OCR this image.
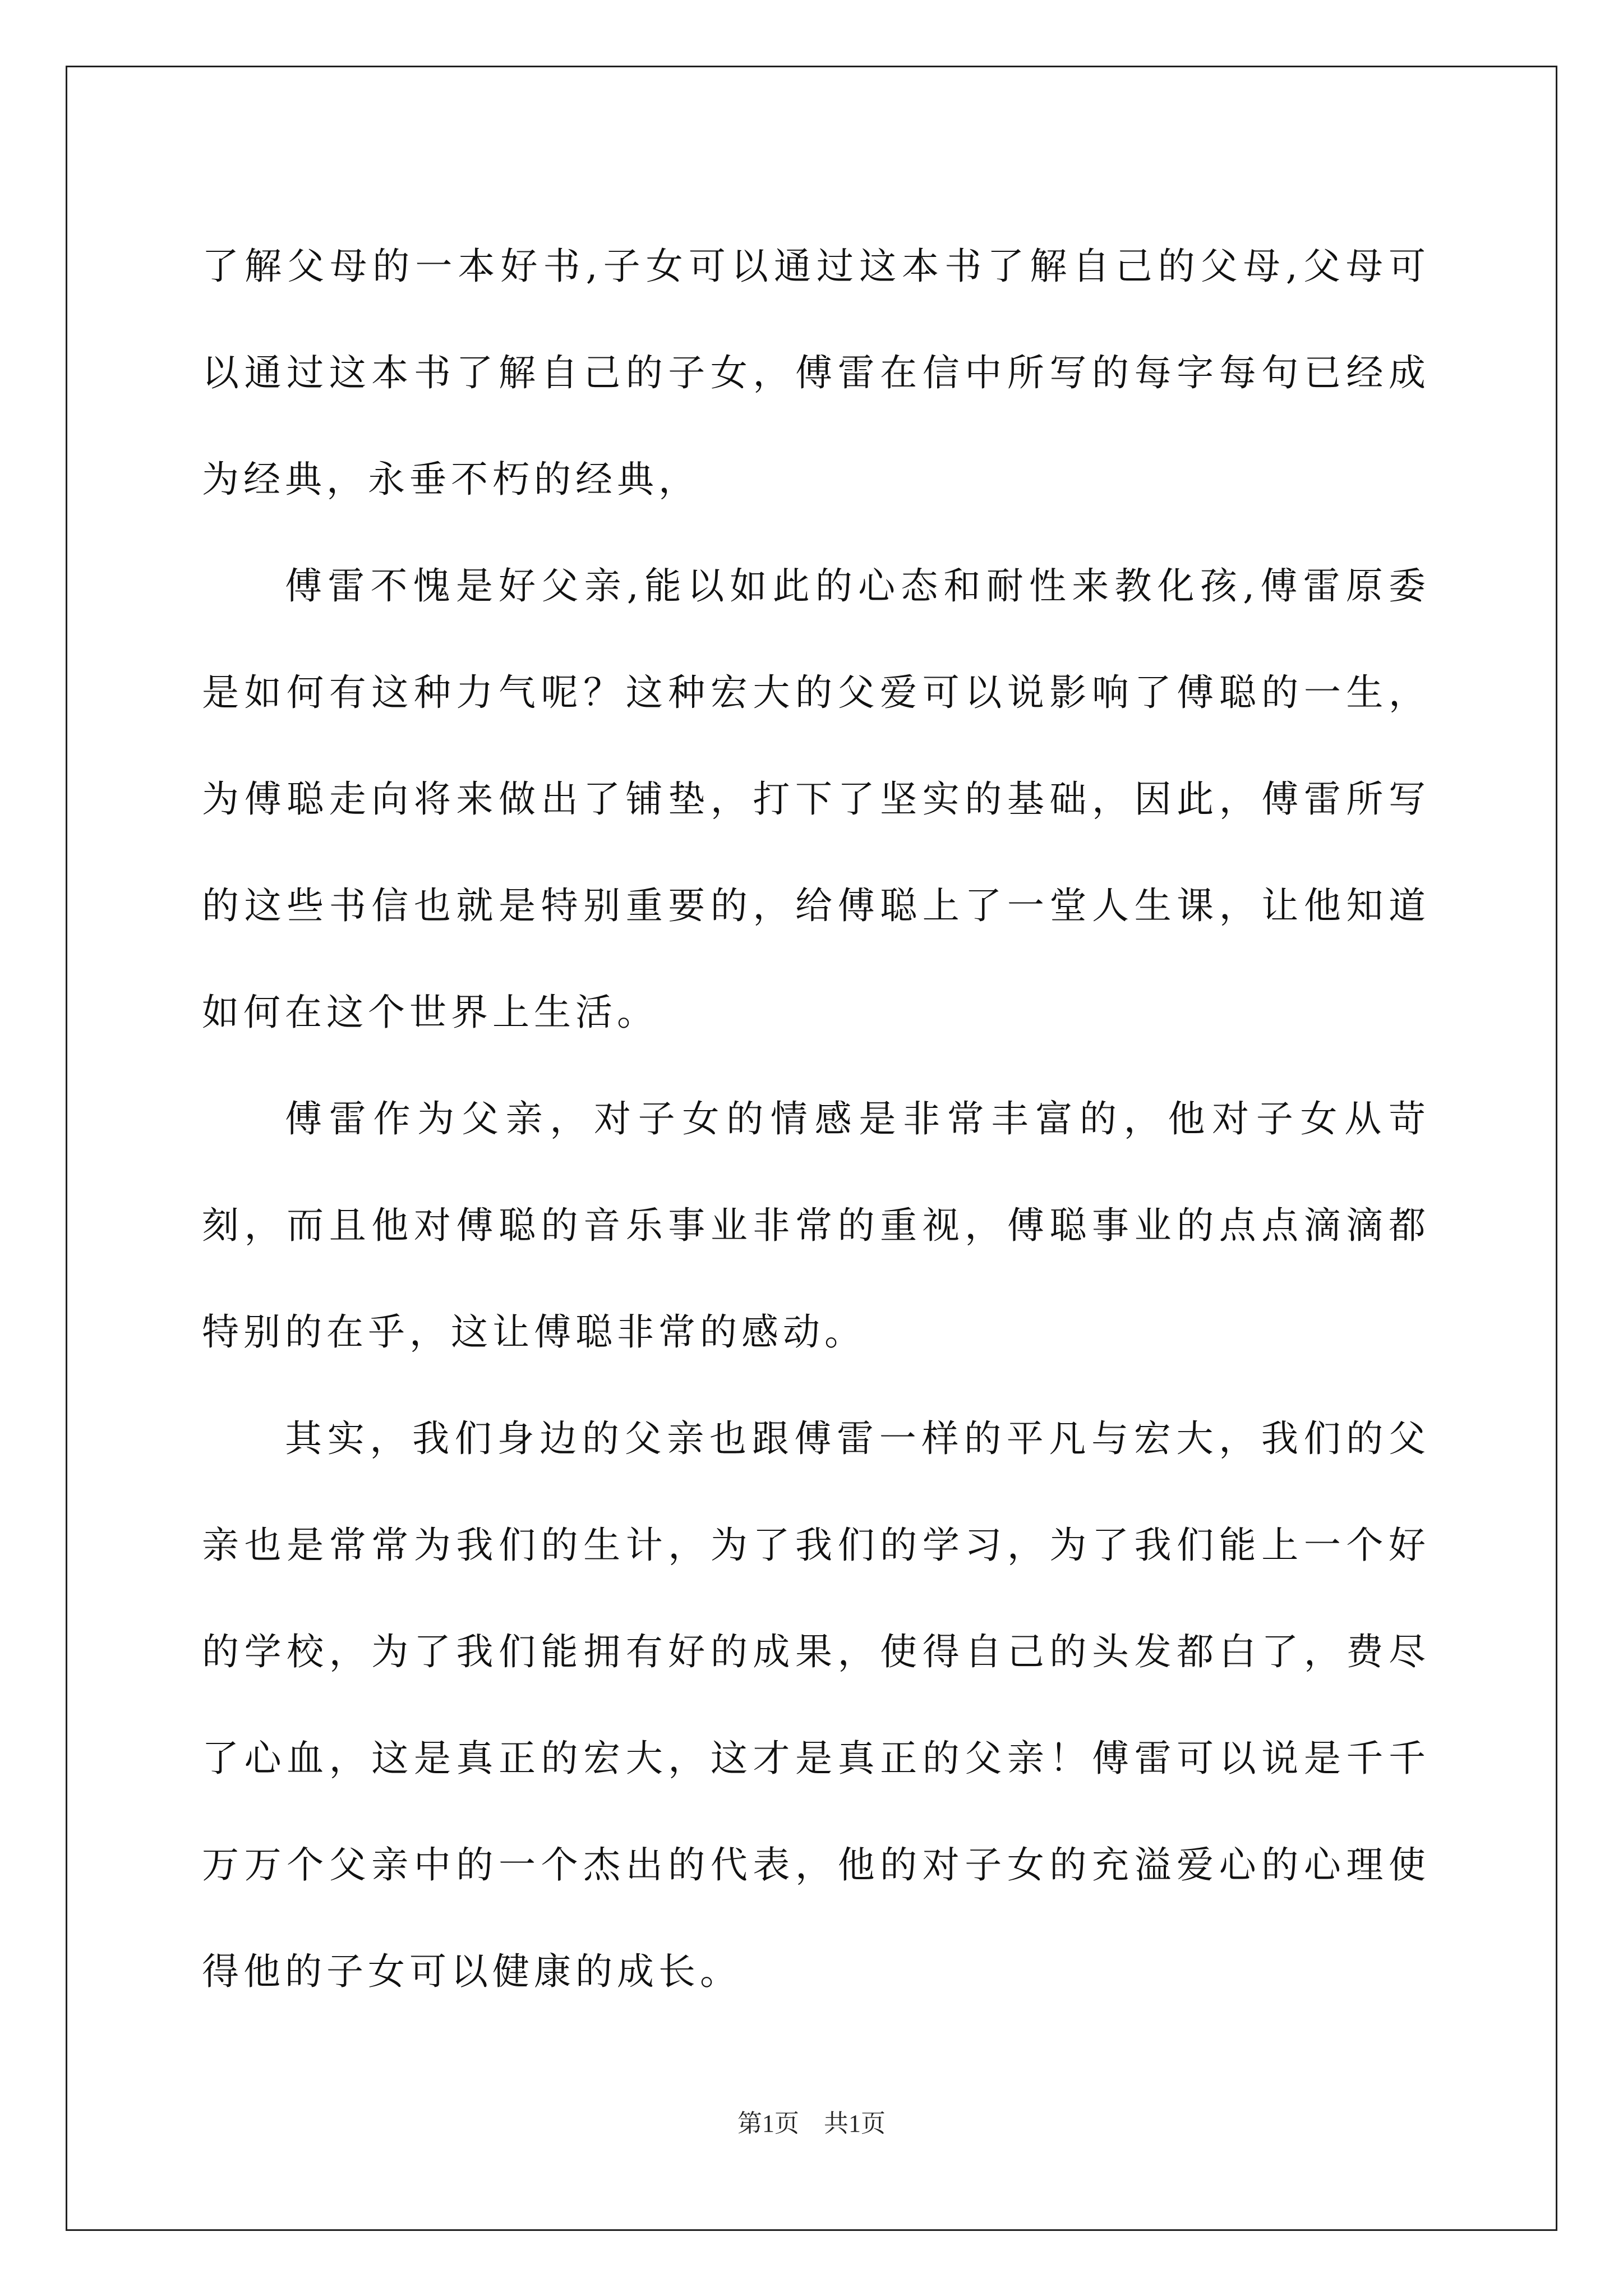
了解父母的一本好书,子女可以通过这本书了解自己的父母,父母可以通过这本书了解自己的子女，傅雷在信中所写的每字每句已经成为经典，永垂不朽的经典，

傅雷不愧是好父亲,能以如此的心态和耐性来教化孩,傅雷原委是如何有这种力气呢？这种宏大的父爱可以说影响了傅聪的一生，为傅聪走向将来做出了铺垫，打下了坚实的基础，因此，傅雷所写的这些书信也就是特别重要的，给傅聪上了一堂人生课，让他知道如何在这个世界上生活。

傅雷作为父亲，对子女的情感是非常丰富的，他对子女从苛刻，而且他对傅聪的音乐事业非常的重视，傅聪事业的点点滴滴都特别的在乎，这让傅聪非常的感动。

其实，我们身边的父亲也跟傅雷一样的平凡与宏大，我们的父亲也是常常为我们的生计，为了我们的学习，为了我们能上一个好的学校，为了我们能拥有好的成果，使得自己的头发都白了，费尽了心血，这是真正的宏大，这才是真正的父亲！傅雷可以说是千千万万个父亲中的一个杰出的代表，他的对子女的充溢爱心的心理使得他的子女可以健康的成长。

第1页　共1页
